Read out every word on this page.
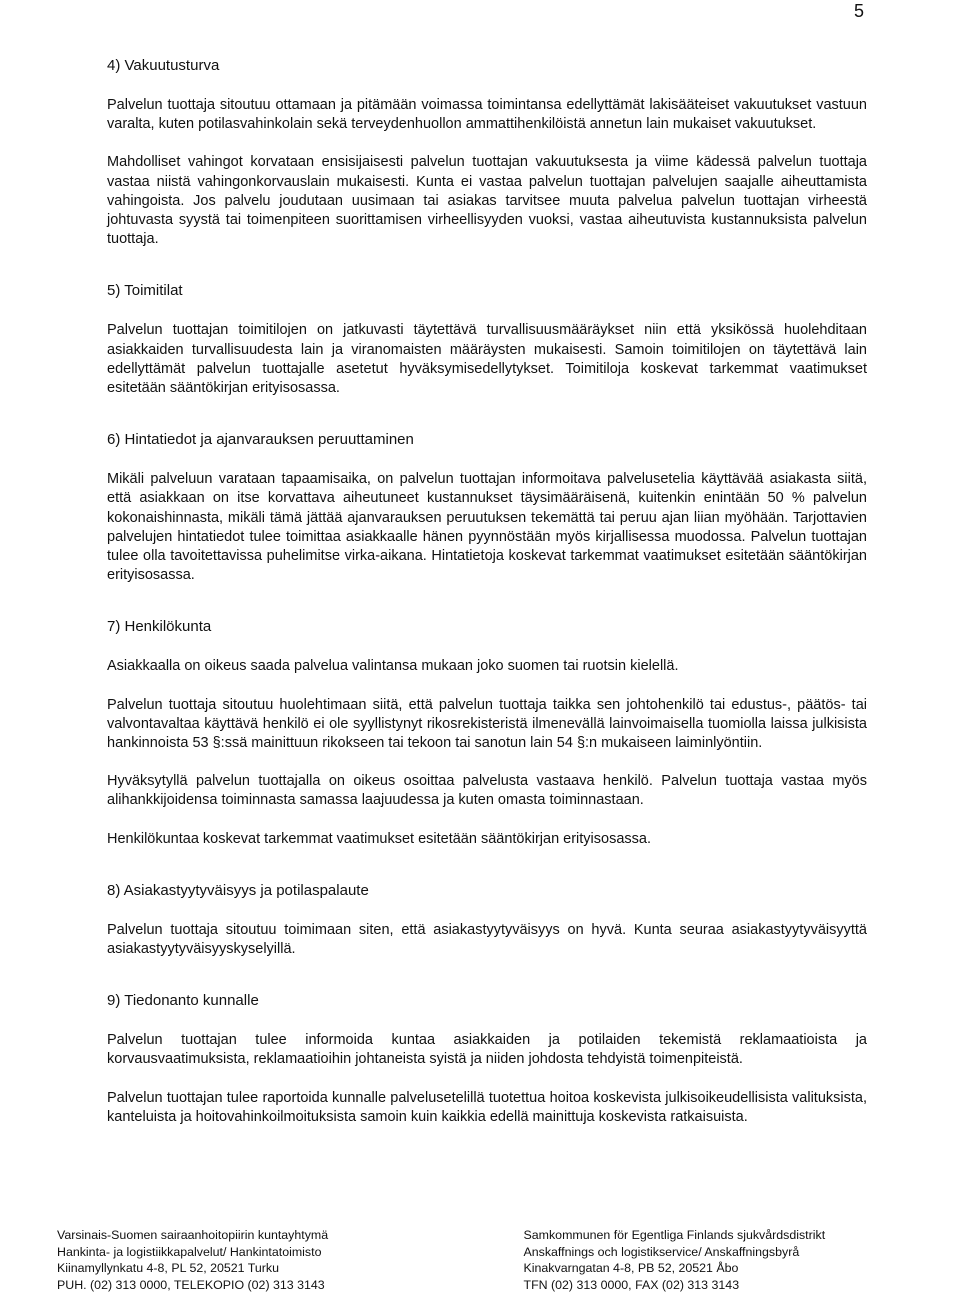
5
4) Vakuutusturva

Palvelun tuottaja sitoutuu ottamaan ja pitämään voimassa toimintansa edellyttämät lakisääteiset vakuutukset vastuun varalta, kuten potilasvahinkolain sekä terveydenhuollon ammattihenkilöistä annetun lain mukaiset vakuutukset.

Mahdolliset vahingot korvataan ensisijaisesti palvelun tuottajan vakuutuksesta ja viime kädessä palvelun tuottaja vastaa niistä vahingonkorvauslain mukaisesti. Kunta ei vastaa palvelun tuottajan palvelujen saajalle aiheuttamista vahingoista. Jos palvelu joudutaan uusimaan tai asiakas tarvitsee muuta palvelua palvelun tuottajan virheestä johtuvasta syystä tai toimenpiteen suorittamisen virheellisyyden vuoksi, vastaa aiheutuvista kustannuksista palvelun tuottaja.

5) Toimitilat

Palvelun tuottajan toimitilojen on jatkuvasti täytettävä turvallisuusmääräykset niin että yksikössä huolehditaan asiakkaiden turvallisuudesta lain ja viranomaisten määräysten mukaisesti. Samoin toimitilojen on täytettävä lain edellyttämät palvelun tuottajalle asetetut hyväksymisedellytykset. Toimitiloja koskevat tarkemmat vaatimukset esitetään sääntökirjan erityisosassa.

6) Hintatiedot ja ajanvarauksen peruuttaminen

Mikäli palveluun varataan tapaamisaika, on palvelun tuottajan informoitava palvelusetelia käyttävää asiakasta siitä, että asiakkaan on itse korvattava aiheutuneet kustannukset täysimääräisenä, kuitenkin enintään 50 % palvelun kokonaishinnasta, mikäli tämä jättää ajanvarauksen peruutuksen tekemättä tai peruu ajan liian myöhään. Tarjottavien palvelujen hintatiedot tulee toimittaa asiakkaalle hänen pyynnöstään myös kirjallisessa muodossa. Palvelun tuottajan tulee olla tavoitettavissa puhelimitse virka-aikana. Hintatietoja koskevat tarkemmat vaatimukset esitetään sääntökirjan erityisosassa.

7) Henkilökunta

Asiakkaalla on oikeus saada palvelua valintansa mukaan joko suomen tai ruotsin kielellä.

Palvelun tuottaja sitoutuu huolehtimaan siitä, että palvelun tuottaja taikka sen johtohenkilö tai edustus-, päätös- tai valvontavaltaa käyttävä henkilö ei ole syyllistynyt rikosrekisteristä ilmenevällä lainvoimaisella tuomiolla laissa julkisista hankinnoista 53 §:ssä mainittuun rikokseen tai tekoon tai sanotun lain 54 §:n mukaiseen laiminlyöntiin.

Hyväksytyllä palvelun tuottajalla on oikeus osoittaa palvelusta vastaava henkilö. Palvelun tuottaja vastaa myös alihankkijoidensa toiminnasta samassa laajuudessa ja kuten omasta toiminnastaan.

Henkilökuntaa koskevat tarkemmat vaatimukset esitetään sääntökirjan erityisosassa.

8) Asiakastyytyväisyys ja potilaspalaute

Palvelun tuottaja sitoutuu toimimaan siten, että asiakastyytyväisyys on hyvä. Kunta seuraa asiakastyytyväisyyttä asiakastyytyväisyyskyselyillä.

9) Tiedonanto kunnalle

Palvelun tuottajan tulee informoida kuntaa asiakkaiden ja potilaiden tekemistä reklamaatioista ja korvausvaatimuksista, reklamaatioihin johtaneista syistä ja niiden johdosta tehdyistä toimenpiteistä.

Palvelun tuottajan tulee raportoida kunnalle palvelusetelillä tuotettua hoitoa koskevista julkisoikeudellisista valituksista, kanteluista ja hoitovahinkoilmoituksista samoin kuin kaikkia edellä mainittuja koskevista ratkaisuista.

Varsinais-Suomen sairaanhoitopiirin kuntayhtymä
Hankinta- ja logistiikkapalvelut/ Hankintatoimisto
Kiinamyllynkatu 4-8, PL 52, 20521 Turku
PUH. (02) 313 0000, TELEKOPIO (02) 313 3143
Samkommunen för Egentliga Finlands sjukvårdsdistrikt
Anskaffnings och logistikservice/ Anskaffningsbyrå
Kinakvarngatan 4-8, PB 52, 20521 Åbo
TFN (02) 313 0000, FAX (02) 313 3143
